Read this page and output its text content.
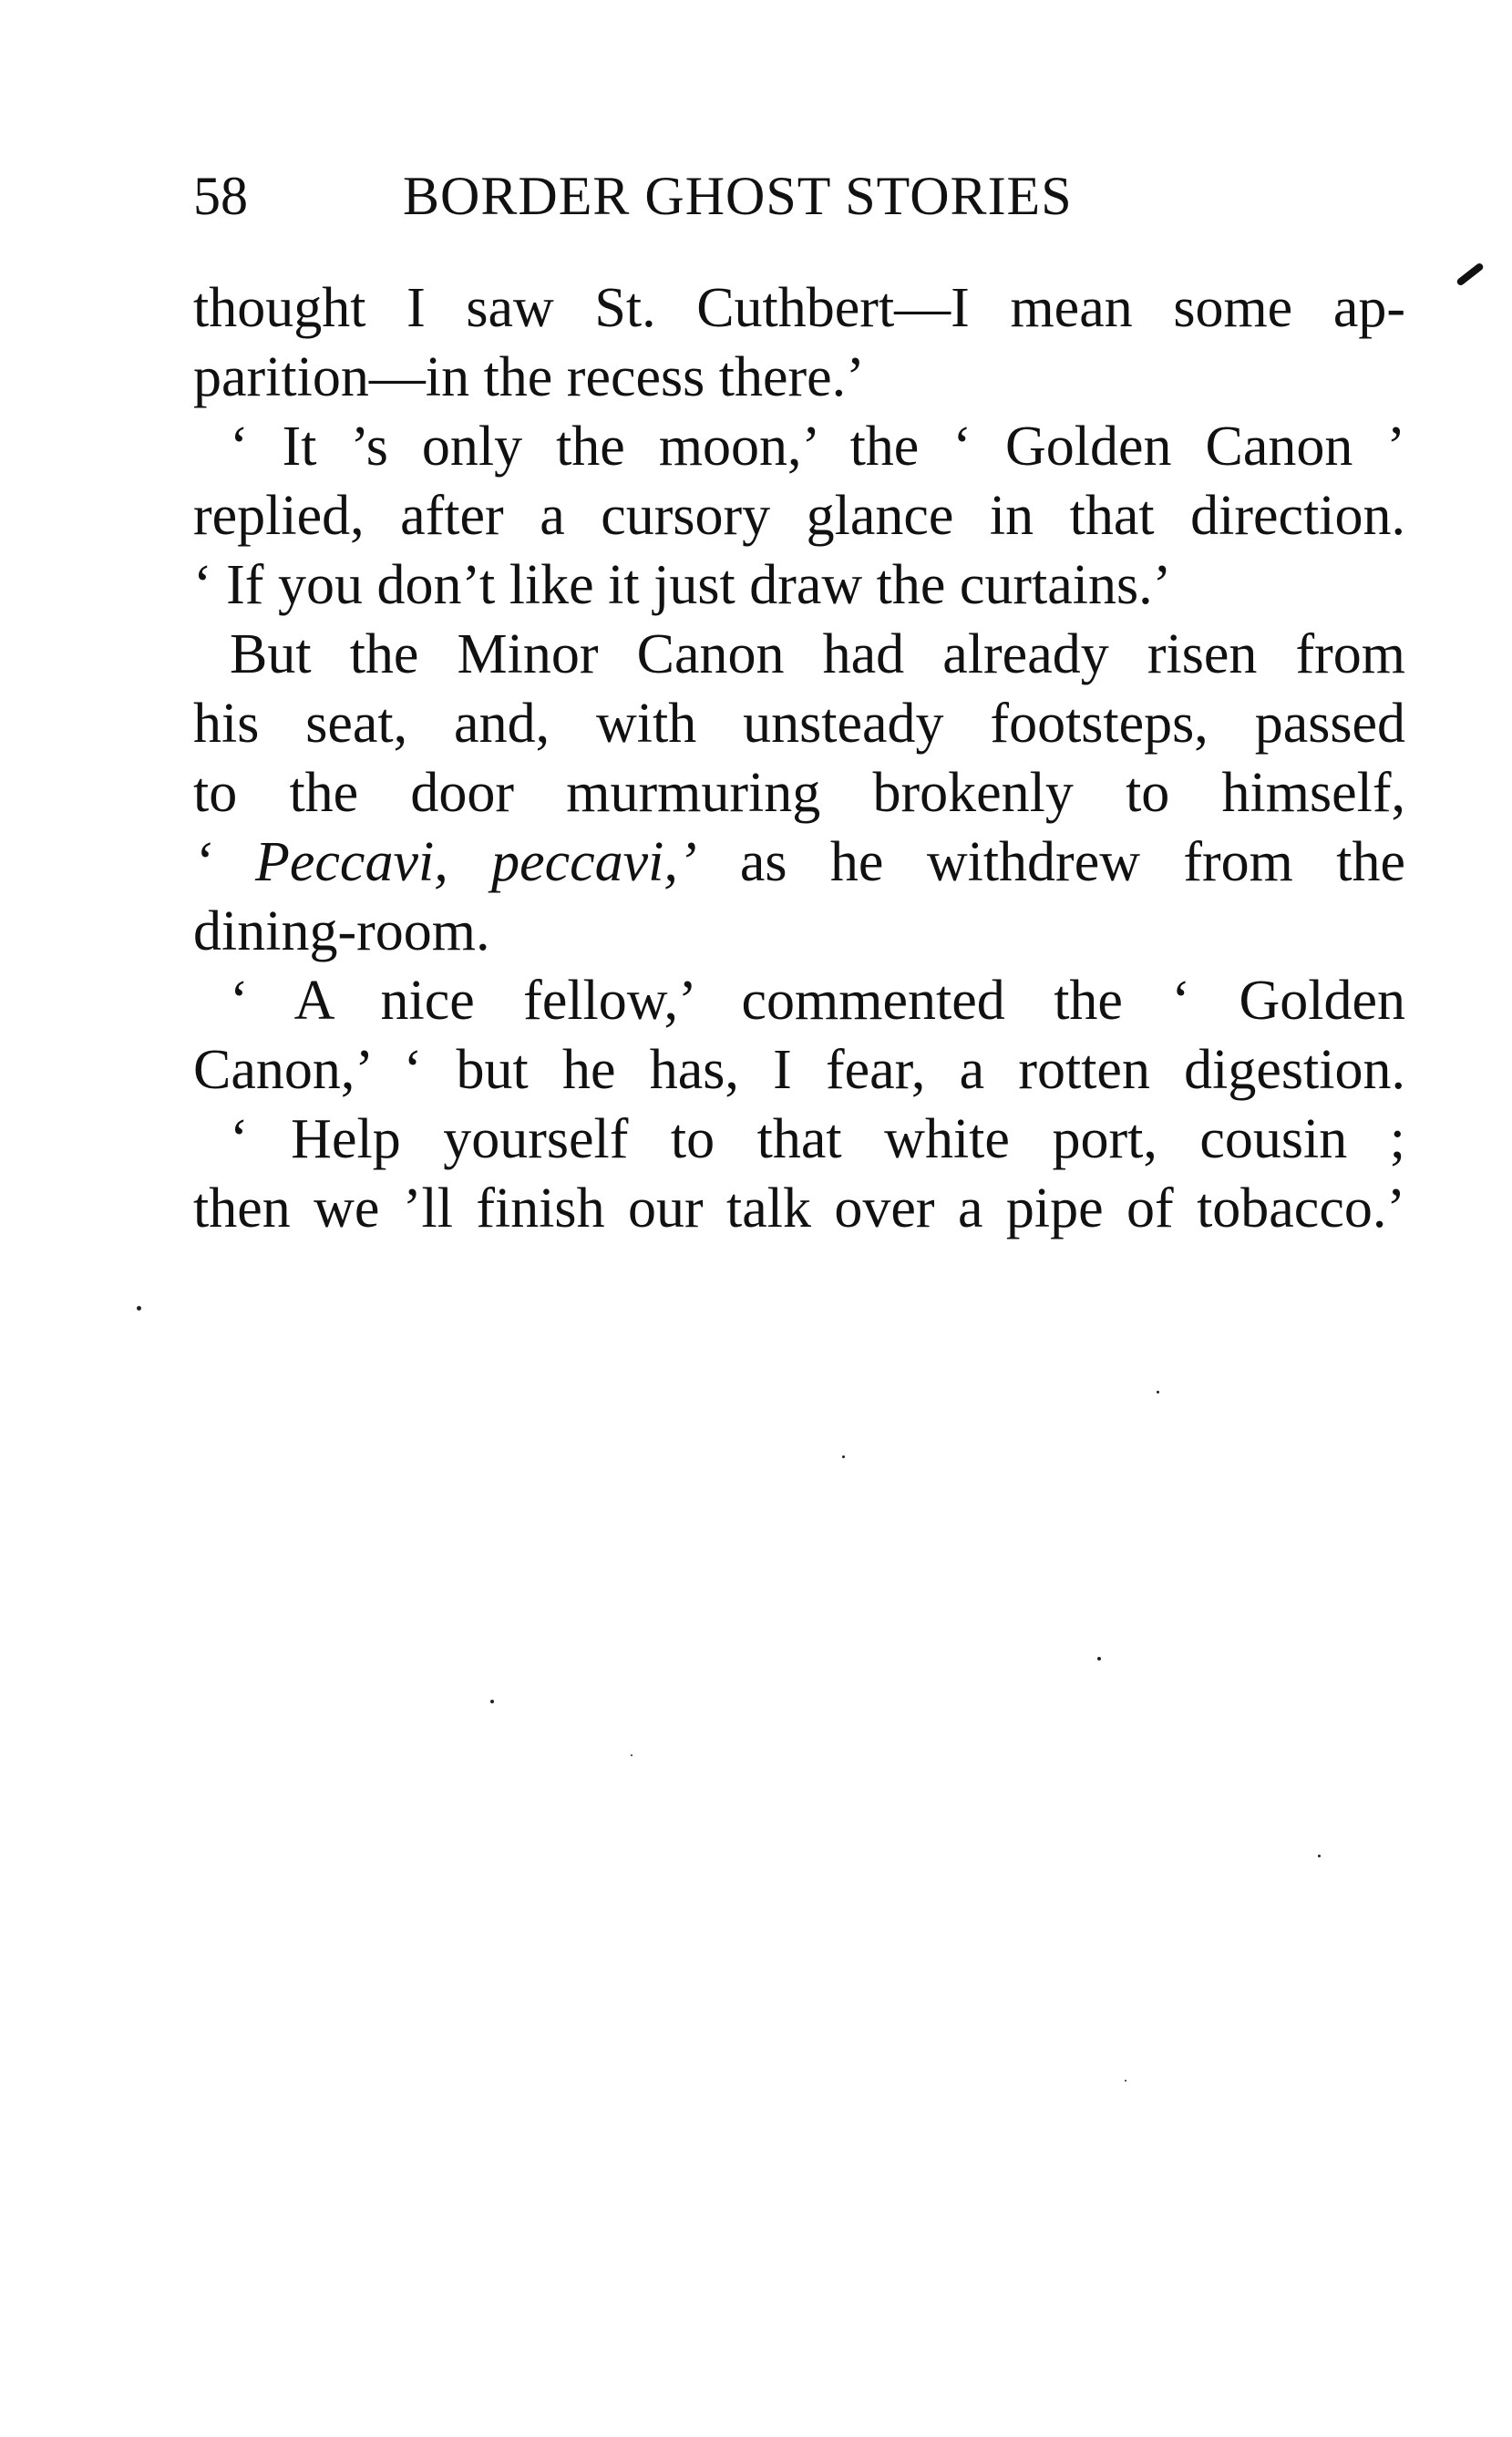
58	BORDER GHOST STORIES
thought I saw St. Cuthbert—I mean some ap-
parition—in the recess there.’
‘ It ’s only the moon,’ the ‘ Golden Canon ’
replied, after a cursory glance in that direction.
‘ If you don’t like it just draw the curtains.’
But the Minor Canon had already risen from
his seat, and, with unsteady footsteps, passed
to the door murmuring brokenly to himself,
‘ Peccavi, peccavi,’ as he withdrew from the
dining-room.
‘ A nice fellow,’ commented the ‘ Golden
Canon,’ ‘ but he has, I fear, a rotten digestion.
‘ Help yourself to that white port, cousin ;
then we ’ll finish our talk over a pipe of tobacco.’
